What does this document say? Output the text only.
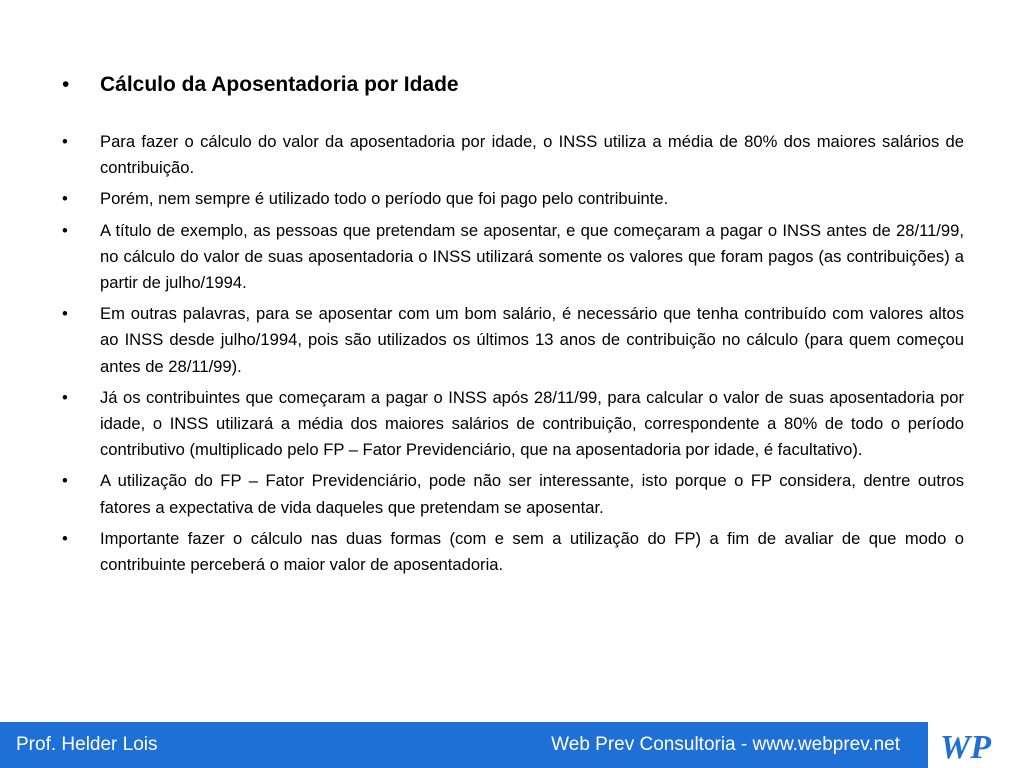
•	Cálculo da Aposentadoria por Idade
•	Para fazer o cálculo do valor da aposentadoria por idade, o INSS utiliza a média de 80% dos maiores salários de contribuição.
•	Porém, nem sempre é utilizado todo o período que foi pago pelo contribuinte.
•	A título de exemplo, as pessoas que pretendam se aposentar, e que começaram a pagar o INSS antes de 28/11/99, no cálculo do valor de suas aposentadoria o INSS utilizará somente os valores que foram pagos (as contribuições) a partir de julho/1994.
•	Em outras palavras, para se aposentar com um bom salário, é necessário que tenha contribuído com valores altos ao INSS desde julho/1994, pois são utilizados os últimos 13 anos de contribuição no cálculo (para quem começou antes de 28/11/99).
•	Já os contribuintes que começaram a pagar o INSS após 28/11/99, para calcular o valor de suas aposentadoria por idade, o INSS utilizará a média dos maiores salários de contribuição, correspondente a 80% de todo o período contributivo (multiplicado pelo FP – Fator Previdenciário, que na aposentadoria por idade, é facultativo).
•	A utilização do FP – Fator Previdenciário, pode não ser interessante, isto porque o FP considera, dentre outros fatores a expectativa de vida daqueles que pretendam se aposentar.
•	Importante fazer o cálculo nas duas formas (com e sem a utilização do FP) a fim de avaliar de que modo o contribuinte perceberá o maior valor de aposentadoria.
Prof. Helder Lois	Web Prev Consultoria - www.webprev.net WP
